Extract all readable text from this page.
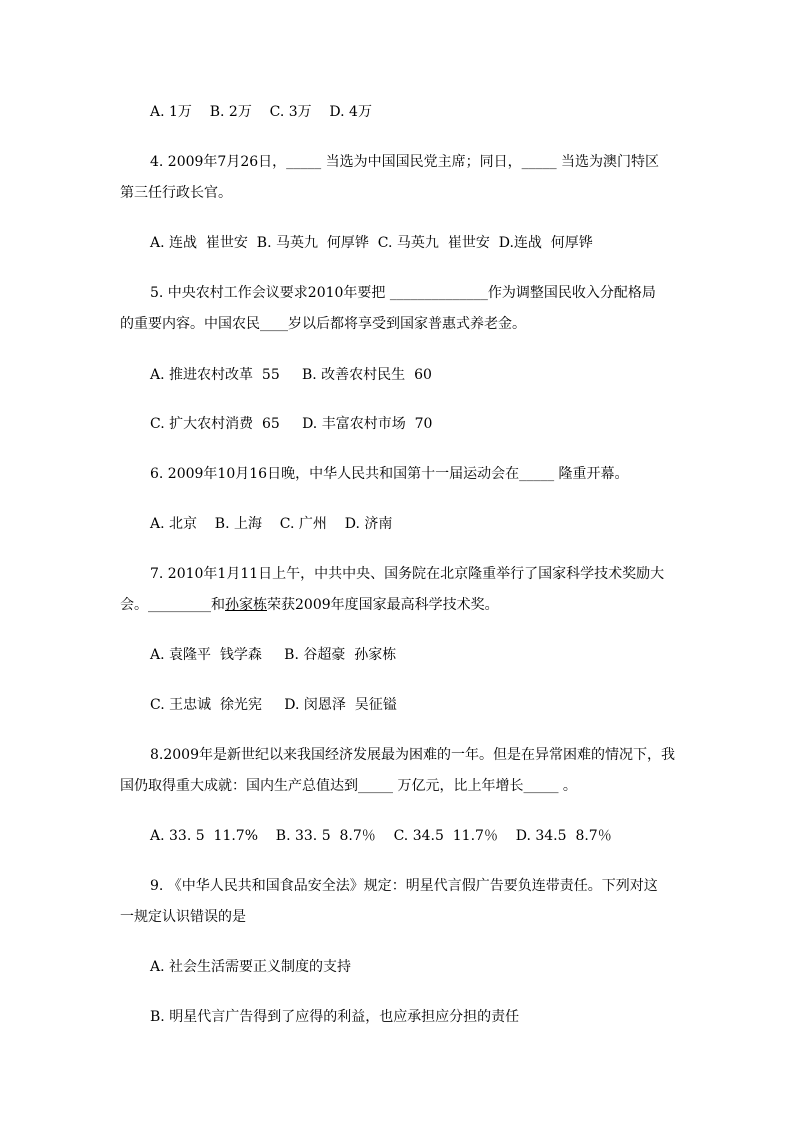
A. 1万    B. 2万    C. 3万    D. 4万
4. 2009年7月26日，_____ 当选为中国国民党主席；同日，_____ 当选为澳门特区
第三任行政长官。
A. 连战  崔世安  B. 马英九  何厚铧  C. 马英九  崔世安  D.连战  何厚铧
5. 中央农村工作会议要求2010年要把 ______________作为调整国民收入分配格局
的重要内容。中国农民____岁以后都将享受到国家普惠式养老金。
A. 推进农村改革  55     B. 改善农村民生  60
C. 扩大农村消费  65     D. 丰富农村市场  70
6. 2009年10月16日晚，中华人民共和国第十一届运动会在_____ 隆重开幕。
A. 北京    B. 上海    C. 广州    D. 济南
7. 2010年1月11日上午，中共中央、国务院在北京隆重举行了国家科学技术奖励大
会。_________和孙家栋荣获2009年度国家最高科学技术奖。
A. 袁隆平  钱学森     B. 谷超豪  孙家栋
C. 王忠诚  徐光宪     D. 闵恩泽  吴征镒
8.2009年是新世纪以来我国经济发展最为困难的一年。但是在异常困难的情况下，我
国仍取得重大成就：国内生产总值达到_____ 万亿元，比上年增长_____ 。
A. 33. 5  11.7%    B. 33. 5  8.7％    C. 34.5  11.7％    D. 34.5  8.7％
9. 《中华人民共和国食品安全法》规定：明星代言假广告要负连带责任。下列对这
一规定认识错误的是
A. 社会生活需要正义制度的支持
B. 明星代言广告得到了应得的利益，也应承担应分担的责任
